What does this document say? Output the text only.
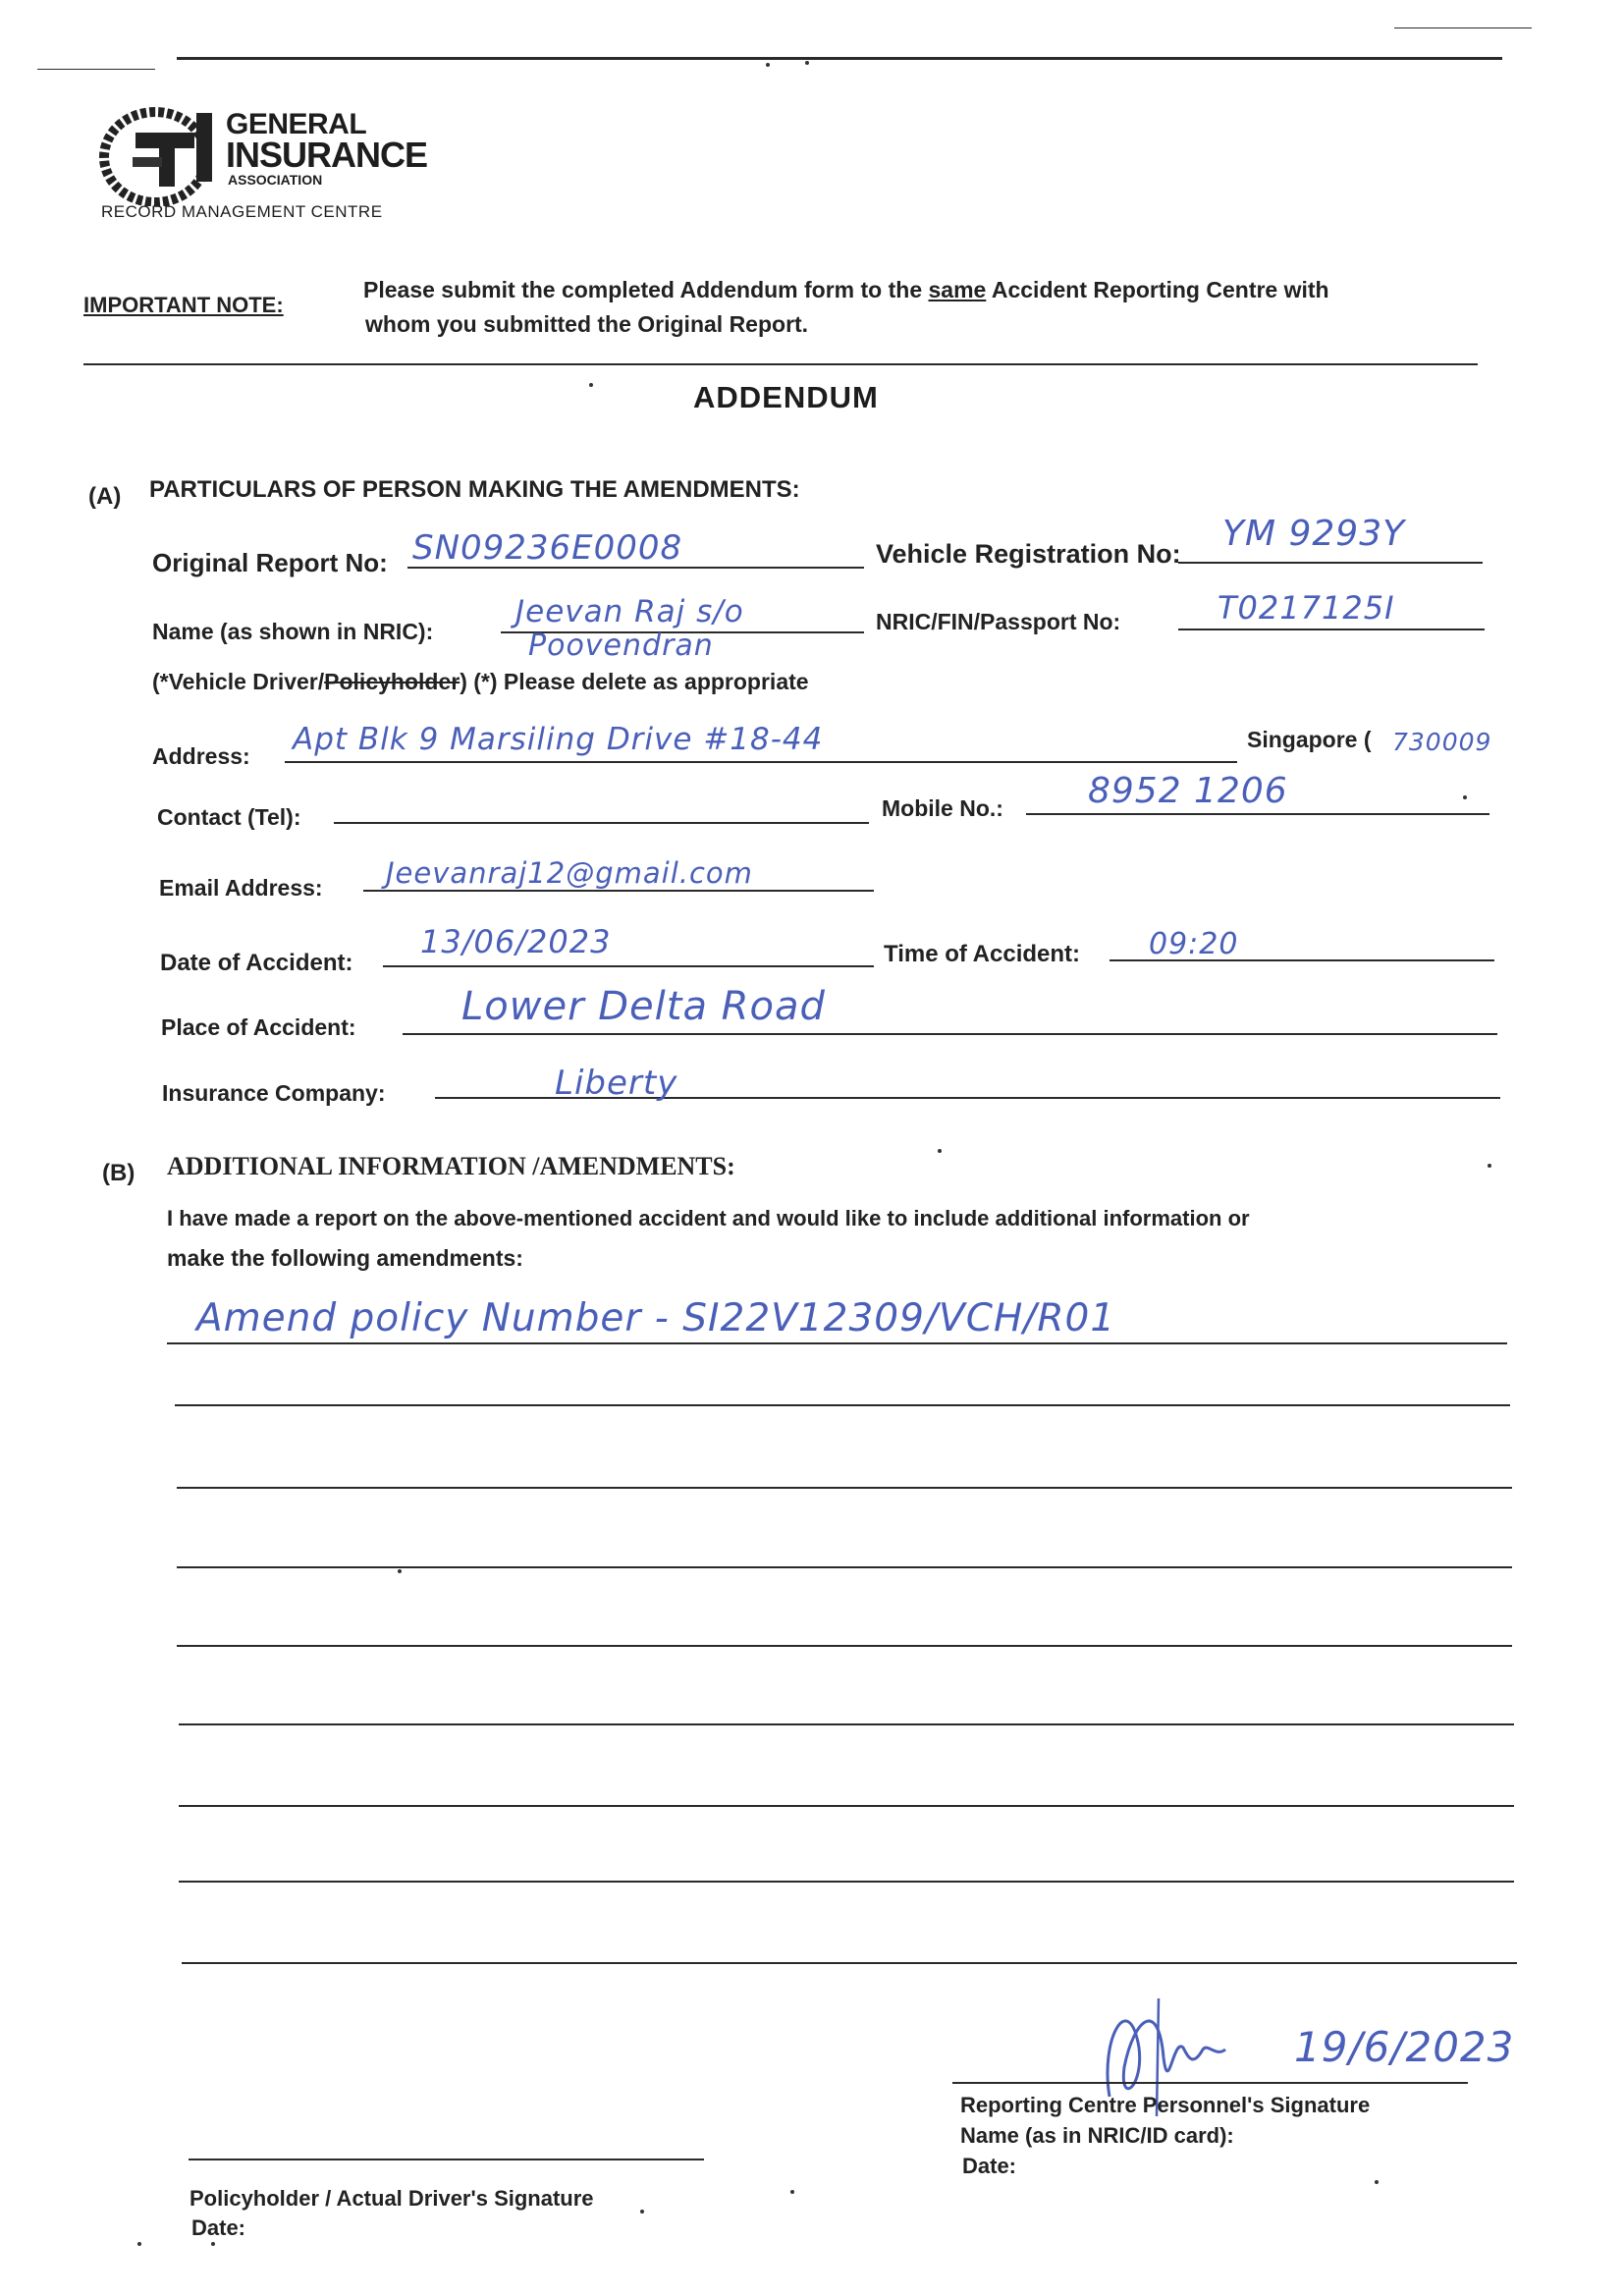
GENERAL
INSURANCE
ASSOCIATION
RECORD MANAGEMENT CENTRE
IMPORTANT NOTE:
Please submit the completed Addendum form to the same Accident Reporting Centre with
whom you submitted the Original Report.
ADDENDUM
(A) PARTICULARS OF PERSON MAKING THE AMENDMENTS:
Original Report No: SN09236E0008	Vehicle Registration No: YM 9293Y
Name (as shown in NRIC):
Jeevan Raj s/o
Poovendran
NRIC/FIN/Passport No:	T0217125I
(*Vehicle Driver/Policyholder) (*) Please delete as appropriate
Address: Apt Blk 9 Marsiling Drive #18-44	Singapore ( 730009
Contact (Tel):	Mobile No.: 8952 1206
Email Address: Jeevanraj12@gmail.com
Date of Accident:
13/06/2023	Time of Accident: 09:20
Place of Accident:	Lower Delta Road
Insurance Company:	Liberty
(B) ADDITIONAL INFORMATION /AMENDMENTS:
I have made a report on the above-mentioned accident and would like to include additional information or
make the following amendments:
Amend policy Number - SI22V12309/VCH/R01
Policyholder / Actual Driver's Signature
Date:
19/6/2023
Reporting Centre Personnel's Signature
Name (as in NRIC/ID card):
Date:
